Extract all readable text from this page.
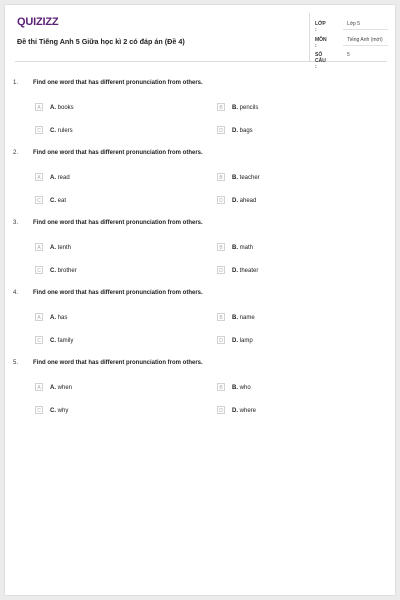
QUIZIZZ
Đề thi Tiếng Anh 5 Giữa học kì 2 có đáp án (Đề 4)
LỚP :
Lớp 5
MÔN :
Tiếng Anh (mới)
SỐ CÂU :
5
1. Find one word that has different pronunciation from others.
A	A. books	B	B. pencils
C	C. rulers	D	D. bags
2. Find one word that has different pronunciation from others.
A	A. read	B	B. teacher
C	C. eat	D	D. ahead
3. Find one word that has different pronunciation from others.
A	A. tenth	B	B. math
C	C. brother	D	D. theater
4. Find one word that has different pronunciation from others.
A	A. has	B	B. name
C	C. family	D	D. lamp
5. Find one word that has different pronunciation from others.
A	A. when	B	B. who
C	C. why	D	D. where
